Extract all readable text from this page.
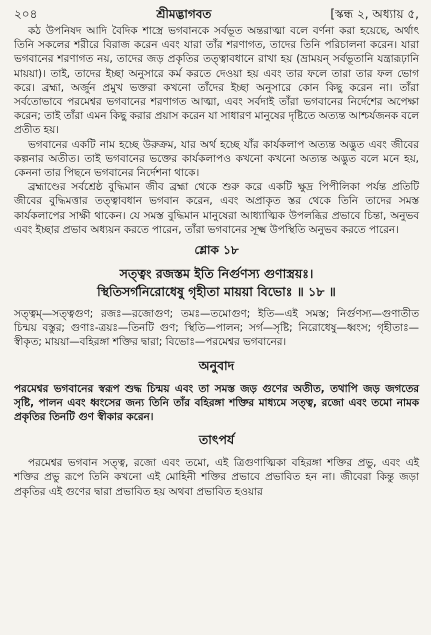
২০৪	শ্রীমদ্ভাগবত	[স্কন্ধ ২, অধ্যায় ৫,

কঠ উপনিষদ আদি বৈদিক শাস্ত্রে ভগবানকে সর্বভূত অন্তরাত্মা বলে বর্ণনা করা হয়েছে, অর্থাৎ তিনি সকলের শরীরে বিরাজ করেন এবং যারা তাঁর শরণাগত, তাদের তিনি পরিচালনা করেন। যারা ভগবানের শরণাগত নয়, তাদের জড় প্রকৃতির তত্ত্বাবধানে রাখা হয় (ভ্রাময়ন্ সর্বভূতানি যন্ত্রারূঢ়ানি মায়য়া)। তাই, তাদের ইচ্ছা অনুসারে কর্ম করতে দেওয়া হয় এবং তার ফলে তারা তার ফল ভোগ করে। ব্রহ্মা, অর্জুন প্রমুখ ভক্তরা কখনো তাঁদের ইচ্ছা অনুসারে কোন কিছু করেন না। তাঁরা সর্বতোভাবে পরমেশ্বর ভগবানের শরণাগত আত্মা, এবং সর্বদাই তাঁরা ভগবানের নির্দেশের অপেক্ষা করেন; তাই তাঁরা এমন কিছু করার প্রয়াস করেন যা সাধারণ মানুষের দৃষ্টিতে অত্যন্ত আশ্চর্যজনক বলে প্রতীত হয়।

ভগবানের একটি নাম হচ্ছে উরুক্রম, যার অর্থ হচ্ছে যাঁর কার্যকলাপ অত্যন্ত অদ্ভুত এবং জীবের কল্পনার অতীত। তাই ভগবানের ভক্তের কার্যকলাপও কখনো কখনো অত্যন্ত অদ্ভুত বলে মনে হয়, কেননা তার পিছনে ভগবানের নির্দেশনা থাকে।

ব্রহ্মাণ্ডের সর্বশ্রেষ্ঠ বুদ্ধিমান জীব ব্রহ্মা থেকে শুরু করে একটি ক্ষুদ্র পিপীলিকা পর্যন্ত প্রতিটি জীবের বুদ্ধিমত্তার তত্ত্বাবধান ভগবান করেন, এবং অপ্রাকৃত স্তর থেকে তিনি তাদের সমস্ত কার্যকলাপের সাক্ষী থাকেন। যে সমস্ত বুদ্ধিমান মানুষেরা আধ্যাত্মিক উপলব্ধির প্রভাবে চিন্তা, অনুভব এবং ইচ্ছার প্রভাব অধ্যয়ন করতে পারেন, তাঁরা ভগবানের সূক্ষ্ম উপস্থিতি অনুভব করতে পারেন।

শ্লোক ১৮

সত্ত্বং রজস্তম ইতি নির্গুণস্য গুণাস্ত্রয়ঃ।

স্থিতিসর্গনিরোধেষু গৃহীতা মায়য়া বিভোঃ ॥ ১৮ ॥

সত্ত্বম্—সত্ত্বগুণ; রজঃ—রজোগুণ; তমঃ—তমোগুণ; ইতি—এই সমস্ত; নির্গুণস্য—গুণাতীত চিন্ময় বস্তুর; গুণাঃ-ত্রয়ঃ—তিনটি গুণ; স্থিতি—পালন; সর্গ—সৃষ্টি; নিরোধেষু—ধ্বংস; গৃহীতাঃ—স্বীকৃত; মায়য়া—বহিরঙ্গা শক্তির দ্বারা; বিভোঃ—পরমেশ্বর ভগবানের।

অনুবাদ

পরমেশ্বর ভগবানের স্বরূপ শুদ্ধ চিন্ময় এবং তা সমস্ত জড় গুণের অতীত, তথাপি জড় জগতের সৃষ্টি, পালন এবং ধ্বংসের জন্য তিনি তাঁর বহিরঙ্গা শক্তির মাধ্যমে সত্ত্ব, রজো এবং তমো নামক প্রকৃতির তিনটি গুণ স্বীকার করেন।

তাৎপর্য

পরমেশ্বর ভগবান সত্ত্ব, রজো এবং তমো, এই ত্রিগুণাত্মিকা বহিরঙ্গা শক্তির প্রভু, এবং এই শক্তির প্রভু রূপে তিনি কখনো এই মোহিনী শক্তির প্রভাবে প্রভাবিত হন না। জীবেরা কিন্তু জড়া প্রকৃতির এই গুণের দ্বারা প্রভাবিত হয় অথবা প্রভাবিত হওয়ার
